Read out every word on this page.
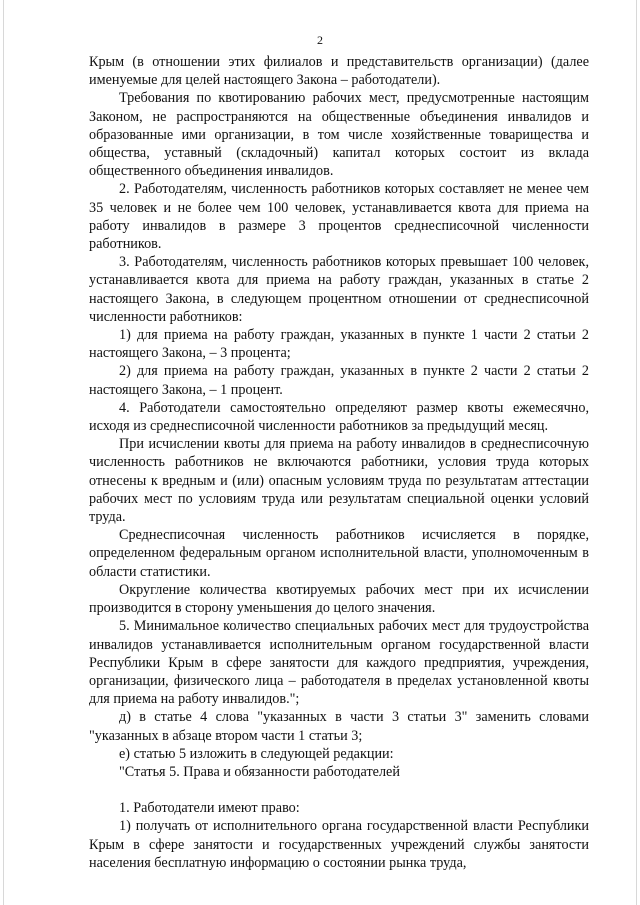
2

Крым (в отношении этих филиалов и представительств организации) (далее именуемые для целей настоящего Закона – работодатели).

Требования по квотированию рабочих мест, предусмотренные настоящим Законом, не распространяются на общественные объединения инвалидов и образованные ими организации, в том числе хозяйственные товарищества и общества, уставный (складочный) капитал которых состоит из вклада общественного объединения инвалидов.

2. Работодателям, численность работников которых составляет не менее чем 35 человек и не более чем 100 человек, устанавливается квота для приема на работу инвалидов в размере 3 процентов среднесписочной численности работников.

3. Работодателям, численность работников которых превышает 100 человек, устанавливается квота для приема на работу граждан, указанных в статье 2 настоящего Закона, в следующем процентном отношении от среднесписочной численности работников:

1) для приема на работу граждан, указанных в пункте 1 части 2 статьи 2 настоящего Закона, – 3 процента;

2) для приема на работу граждан, указанных в пункте 2 части 2 статьи 2 настоящего Закона, – 1 процент.

4. Работодатели самостоятельно определяют размер квоты ежемесячно, исходя из среднесписочной численности работников за предыдущий месяц.

При исчислении квоты для приема на работу инвалидов в среднесписочную численность работников не включаются работники, условия труда которых отнесены к вредным и (или) опасным условиям труда по результатам аттестации рабочих мест по условиям труда или результатам специальной оценки условий труда.

Среднесписочная численность работников исчисляется в порядке, определенном федеральным органом исполнительной власти, уполномоченным в области статистики.

Округление количества квотируемых рабочих мест при их исчислении производится в сторону уменьшения до целого значения.

5. Минимальное количество специальных рабочих мест для трудоустройства инвалидов устанавливается исполнительным органом государственной власти Республики Крым в сфере занятости для каждого предприятия, учреждения, организации, физического лица – работодателя в пределах установленной квоты для приема на работу инвалидов.";

д) в статье 4 слова "указанных в части 3 статьи 3" заменить словами "указанных в абзаце втором части 1 статьи 3;

е) статью 5 изложить в следующей редакции:

"Статья 5. Права и обязанности работодателей

1. Работодатели имеют право:

1) получать от исполнительного органа государственной власти Республики Крым в сфере занятости и государственных учреждений службы занятости населения бесплатную информацию о состоянии рынка труда,
